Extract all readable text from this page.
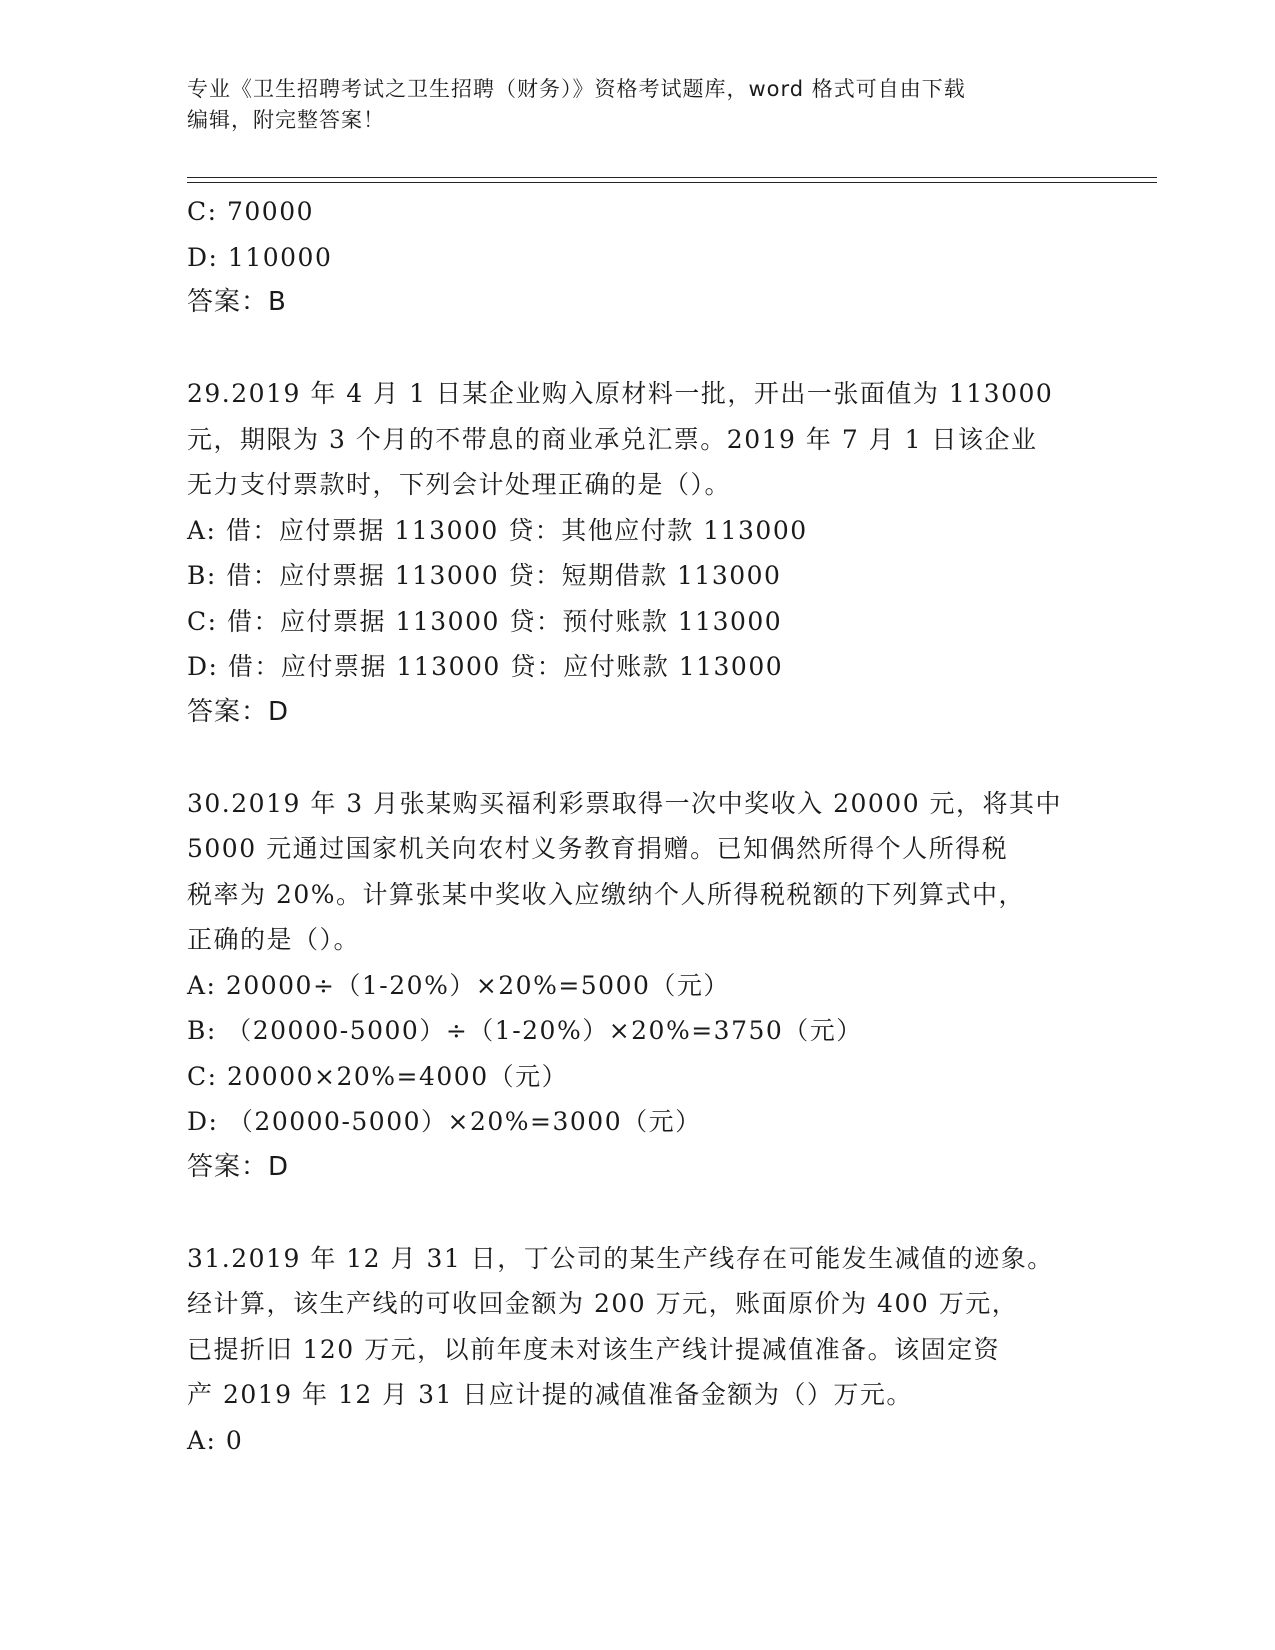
专业《卫生招聘考试之卫生招聘（财务）》资格考试题库，word 格式可自由下载
编辑，附完整答案！
C: 70000
D: 110000
答案：B
29.2019 年 4 月 1 日某企业购入原材料一批，开出一张面值为 113000
元，期限为 3 个月的不带息的商业承兑汇票。2019 年 7 月 1 日该企业
无力支付票款时，下列会计处理正确的是（）。
A: 借：应付票据 113000 贷：其他应付款 113000
B: 借：应付票据 113000 贷：短期借款 113000
C: 借：应付票据 113000 贷：预付账款 113000
D: 借：应付票据 113000 贷：应付账款 113000
答案：D
30.2019 年 3 月张某购买福利彩票取得一次中奖收入 20000 元，将其中
5000 元通过国家机关向农村义务教育捐赠。已知偶然所得个人所得税
税率为 20%。计算张某中奖收入应缴纳个人所得税税额的下列算式中，
正确的是（）。
A: 20000÷（1-20%）×20%=5000（元）
B: （20000-5000）÷（1-20%）×20%=3750（元）
C: 20000×20%=4000（元）
D: （20000-5000）×20%=3000（元）
答案：D
31.2019 年 12 月 31 日，丁公司的某生产线存在可能发生减值的迹象。
经计算，该生产线的可收回金额为 200 万元，账面原价为 400 万元，
已提折旧 120 万元，以前年度未对该生产线计提减值准备。该固定资
产 2019 年 12 月 31 日应计提的减值准备金额为（）万元。
A: 0
